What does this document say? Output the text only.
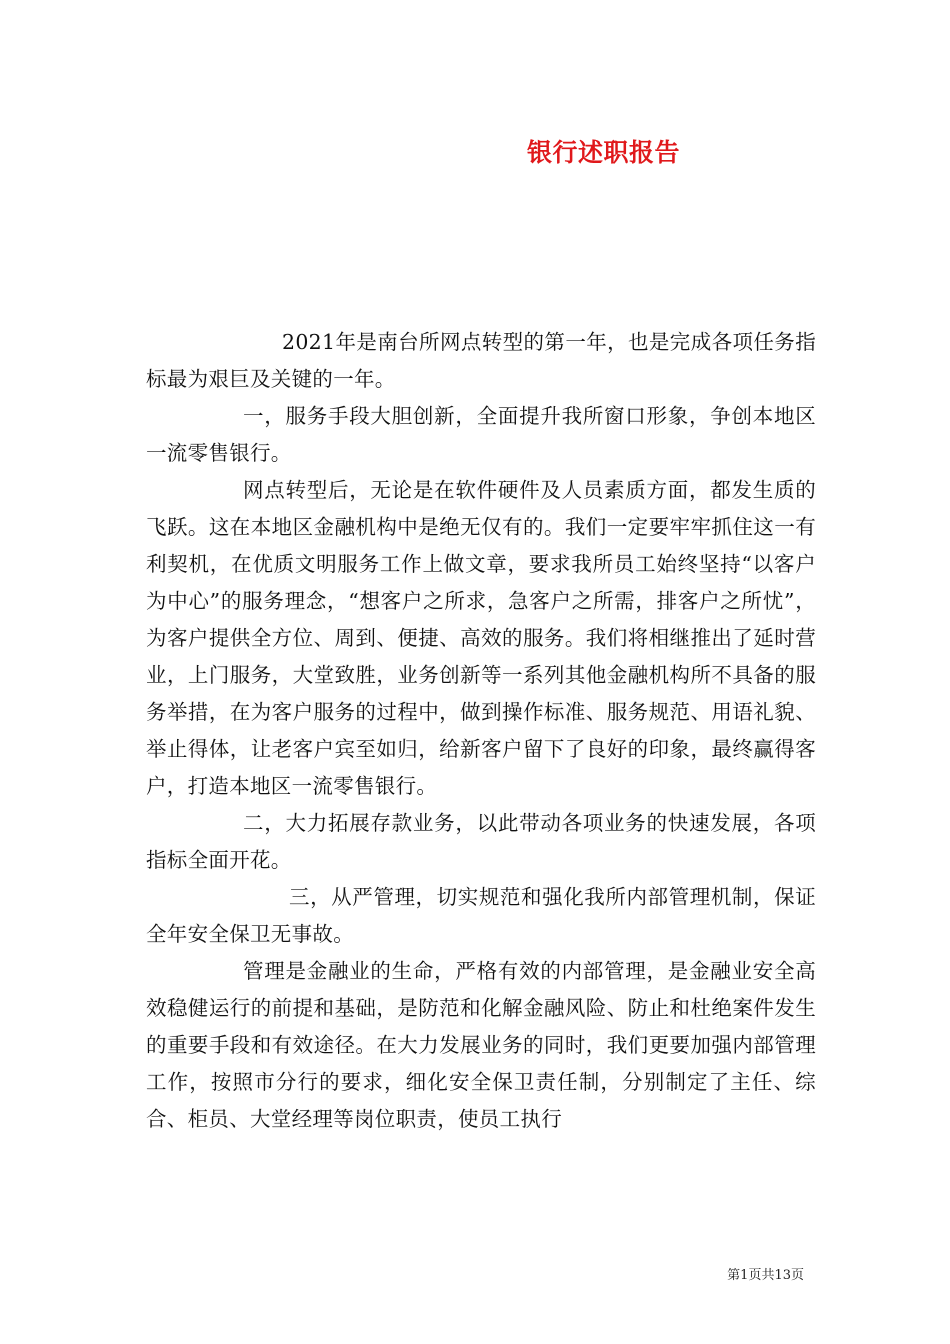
银行述职报告

2021年是南台所网点转型的第一年，也是完成各项任务指标最为艰巨及关键的一年。

一，服务手段大胆创新，全面提升我所窗口形象，争创本地区一流零售银行。

网点转型后，无论是在软件硬件及人员素质方面，都发生质的飞跃。这在本地区金融机构中是绝无仅有的。我们一定要牢牢抓住这一有利契机，在优质文明服务工作上做文章，要求我所员工始终坚持“以客户为中心”的服务理念，“想客户之所求，急客户之所需，排客户之所忧”，为客户提供全方位、周到、便捷、高效的服务。我们将相继推出了延时营业，上门服务，大堂致胜，业务创新等一系列其他金融机构所不具备的服务举措，在为客户服务的过程中，做到操作标准、服务规范、用语礼貌、举止得体，让老客户宾至如归，给新客户留下了良好的印象，最终赢得客户，打造本地区一流零售银行。

二，大力拓展存款业务，以此带动各项业务的快速发展，各项指标全面开花。

三，从严管理，切实规范和强化我所内部管理机制，保证全年安全保卫无事故。

管理是金融业的生命，严格有效的内部管理，是金融业安全高效稳健运行的前提和基础，是防范和化解金融风险、防止和杜绝案件发生的重要手段和有效途径。在大力发展业务的同时，我们更要加强内部管理工作，按照市分行的要求，细化安全保卫责任制，分别制定了主任、综合、柜员、大堂经理等岗位职责，使员工执行

第1页共13页
